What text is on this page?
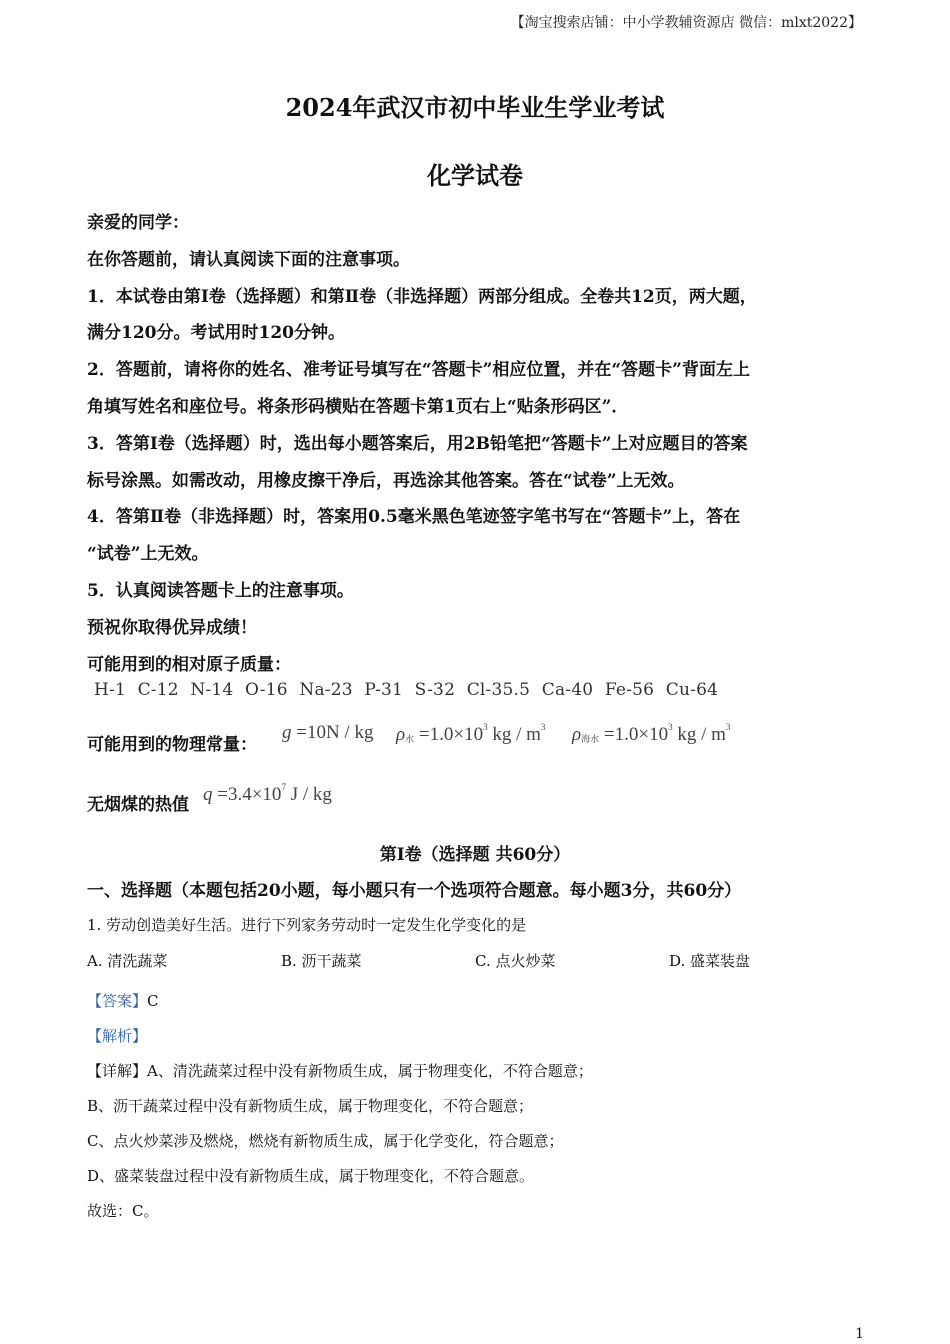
【淘宝搜索店铺：中小学教辅资源店 微信：mlxt2022】
2024年武汉市初中毕业生学业考试
化学试卷

亲爱的同学：

在你答题前，请认真阅读下面的注意事项。

1．本试卷由第Ⅰ卷（选择题）和第Ⅱ卷（非选择题）两部分组成。全卷共12页，两大题，

满分120分。考试用时120分钟。

2．答题前，请将你的姓名、准考证号填写在“答题卡”相应位置，并在“答题卡”背面左上

角填写姓名和座位号。将条形码横贴在答题卡第1页右上“贴条形码区”．

3．答第Ⅰ卷（选择题）时，选出每小题答案后，用2B铅笔把“答题卡”上对应题目的答案

标号涂黑。如需改动，用橡皮擦干净后，再选涂其他答案。答在“试卷”上无效。

4．答第Ⅱ卷（非选择题）时，答案用0.5毫米黑色笔迹签字笔书写在“答题卡”上，答在

“试卷”上无效。

5．认真阅读答题卡上的注意事项。

预祝你取得优异成绩！

可能用到的相对原子质量：

H-1 C-12 N-14 O-16 Na-23 P-31 S-32 Cl-35.5 Ca-40 Fe-56 Cu-64
可能用到的物理常量：
g =10N / kg $\rho_水 =1.0\times 10^3$ kg / $m^3$ $\rho_{海水} =1.0\times 10^3$ kg / $m^3$
无烟煤的热值 $q =3.4\times 10^7$ J / kg
第Ⅰ卷（选择题 共60分）
一、选择题（本题包括20小题，每小题只有一个选项符合题意。每小题3分，共60分）
1. 劳动创造美好生活。进行下列家务劳动时一定发生化学变化的是
A. 清洗蔬菜	B. 沥干蔬菜	C. 点火炒菜	D. 盛菜装盘

【答案】C

【解析】

【详解】A、清洗蔬菜过程中没有新物质生成，属于物理变化，不符合题意；

B、沥干蔬菜过程中没有新物质生成，属于物理变化，不符合题意；

C、点火炒菜涉及燃烧，燃烧有新物质生成，属于化学变化，符合题意；

D、盛菜装盘过程中没有新物质生成，属于物理变化，不符合题意。

故选：C。

1
